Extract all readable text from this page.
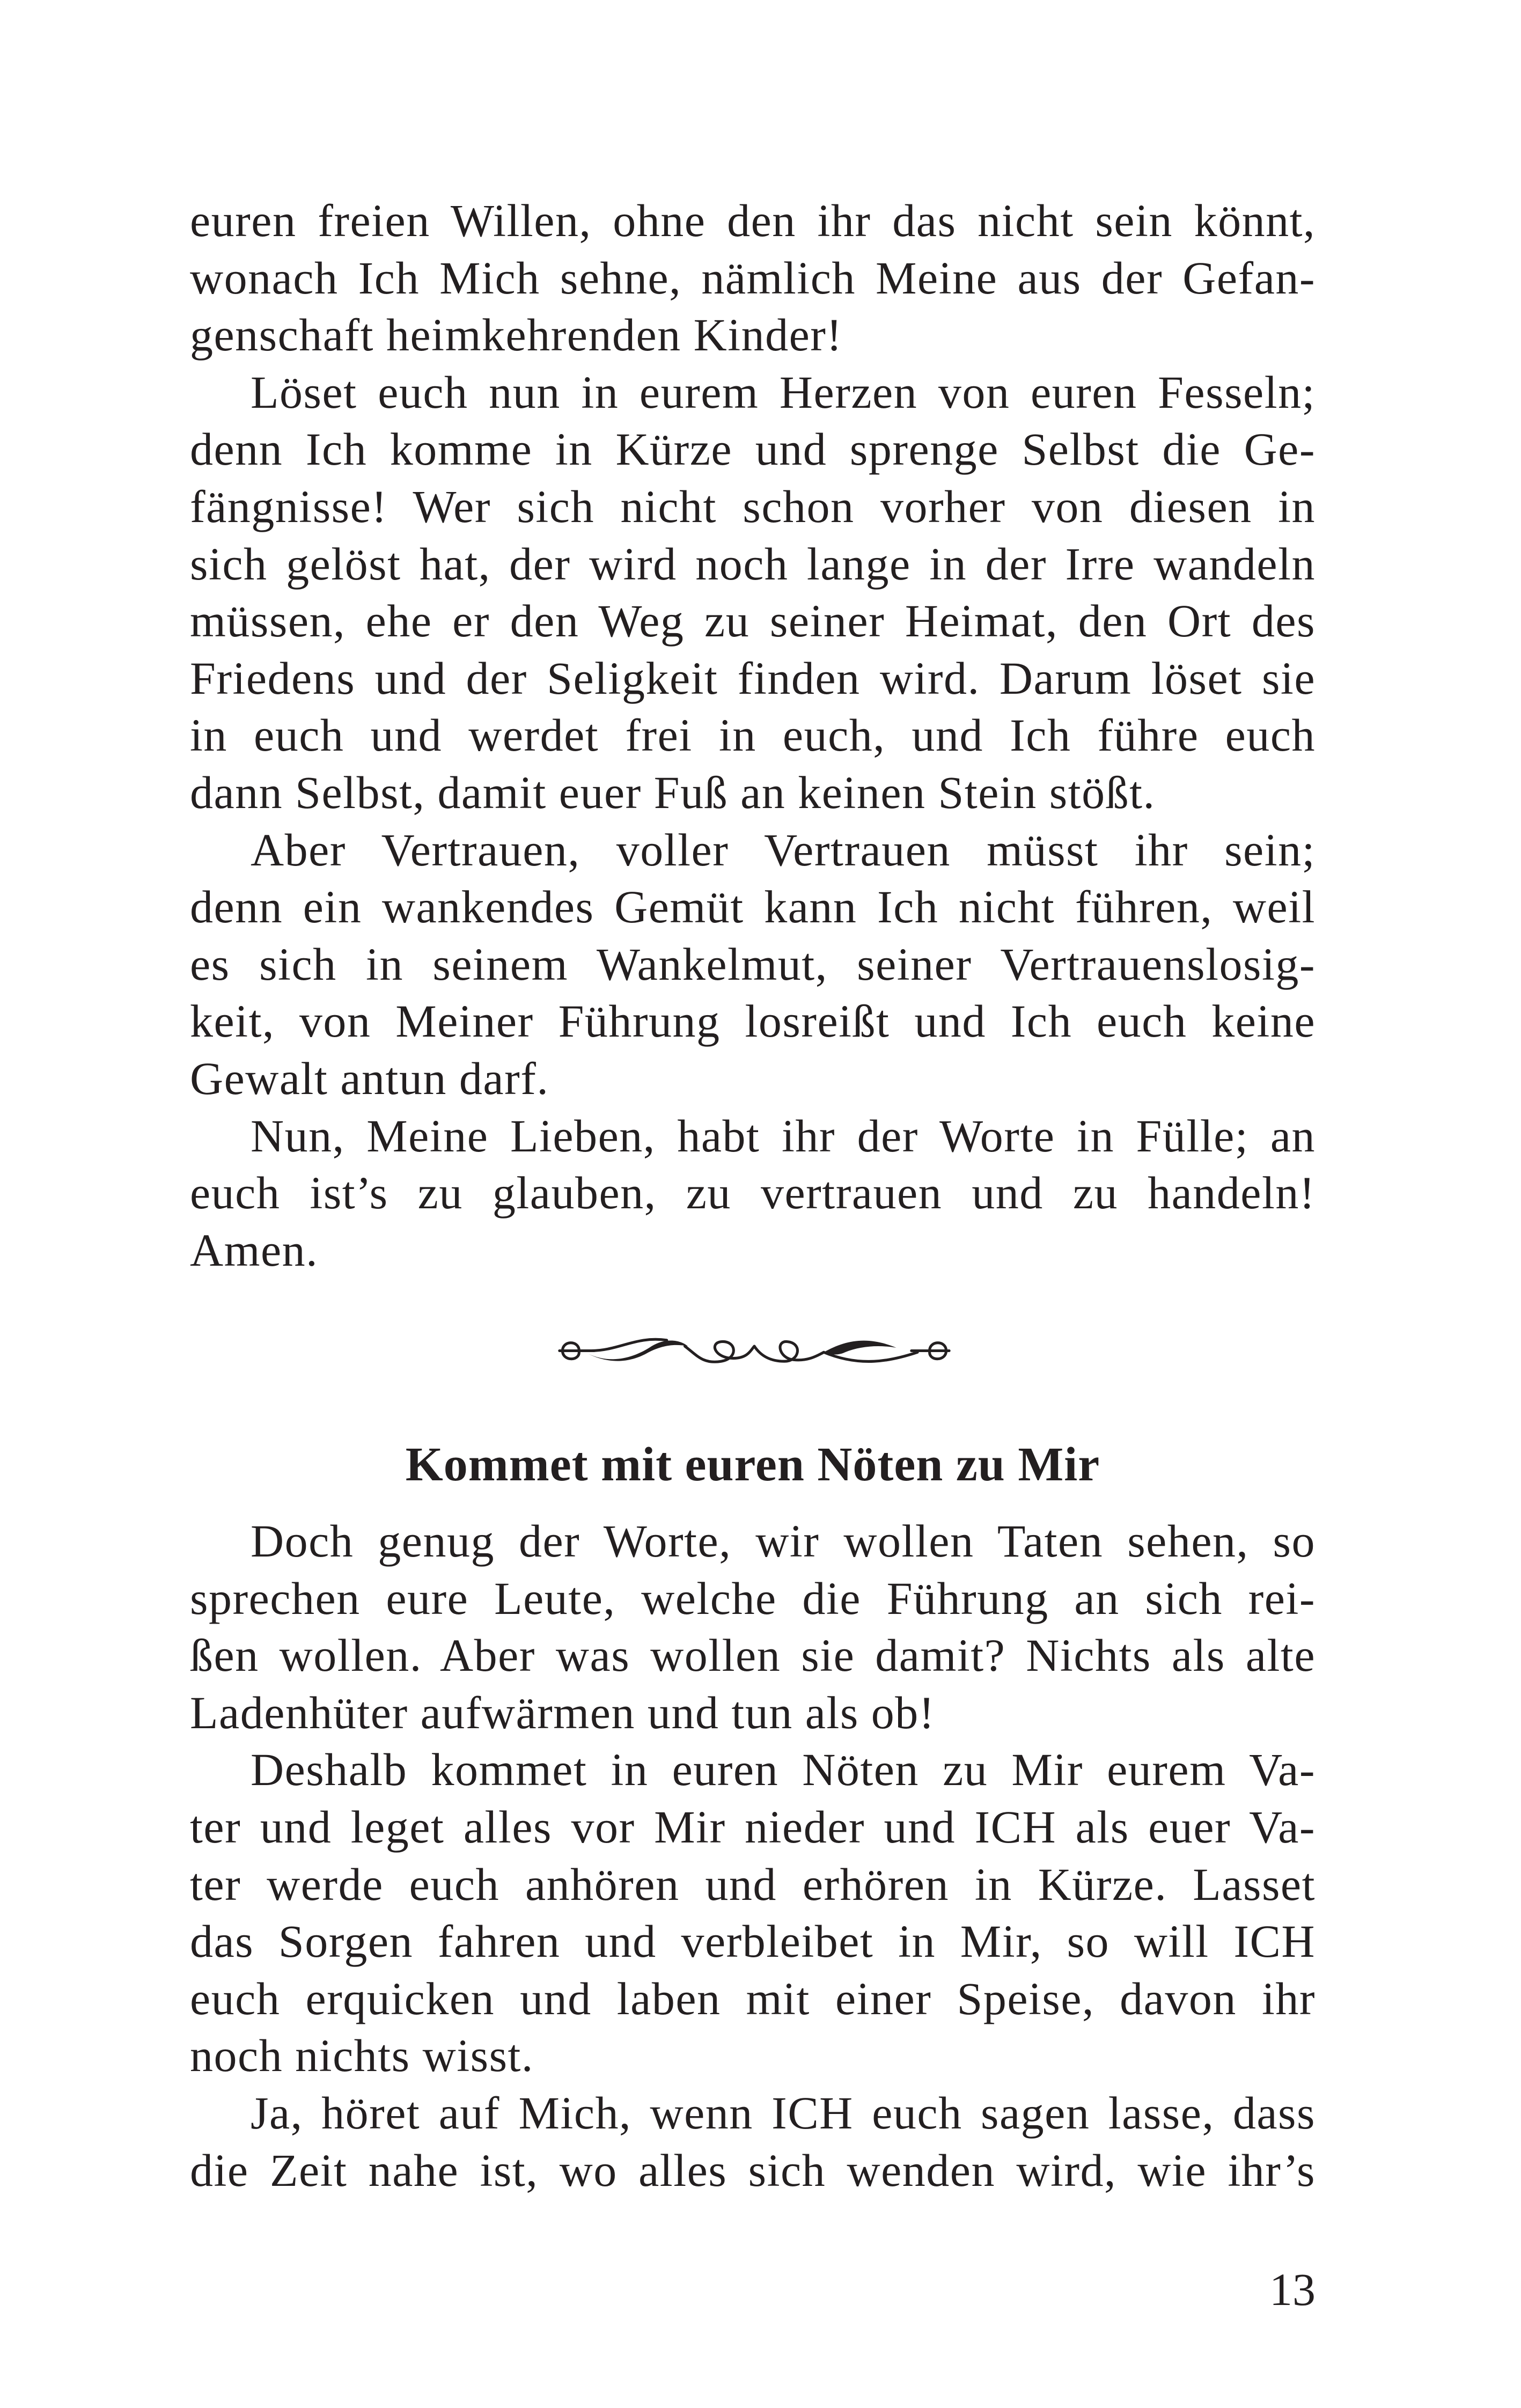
euren freien Willen, ohne den ihr das nicht sein könnt,
wonach Ich Mich sehne, nämlich Meine aus der Gefan-
genschaft heimkehrenden Kinder!
Löset euch nun in eurem Herzen von euren Fesseln;
denn Ich komme in Kürze und sprenge Selbst die Ge-
fängnisse! Wer sich nicht schon vorher von diesen in
sich gelöst hat, der wird noch lange in der Irre wandeln
müssen, ehe er den Weg zu seiner Heimat, den Ort des
Friedens und der Seligkeit finden wird. Darum löset sie
in euch und werdet frei in euch, und Ich führe euch
dann Selbst, damit euer Fuß an keinen Stein stößt.
Aber Vertrauen, voller Vertrauen müsst ihr sein;
denn ein wankendes Gemüt kann Ich nicht führen, weil
es sich in seinem Wankelmut, seiner Vertrauenslosig-
keit, von Meiner Führung losreißt und Ich euch keine
Gewalt antun darf.
Nun, Meine Lieben, habt ihr der Worte in Fülle; an
euch ist’s zu glauben, zu vertrauen und zu handeln!
Amen.
Kommet mit euren Nöten zu Mir
Doch genug der Worte, wir wollen Taten sehen, so
sprechen eure Leute, welche die Führung an sich rei-
ßen wollen. Aber was wollen sie damit? Nichts als alte
Ladenhüter aufwärmen und tun als ob!
Deshalb kommet in euren Nöten zu Mir eurem Va-
ter und leget alles vor Mir nieder und ICH als euer Va-
ter werde euch anhören und erhören in Kürze. Lasset
das Sorgen fahren und verbleibet in Mir, so will ICH
euch erquicken und laben mit einer Speise, davon ihr
noch nichts wisst.
Ja, höret auf Mich, wenn ICH euch sagen lasse, dass
die Zeit nahe ist, wo alles sich wenden wird, wie ihr’s
13
